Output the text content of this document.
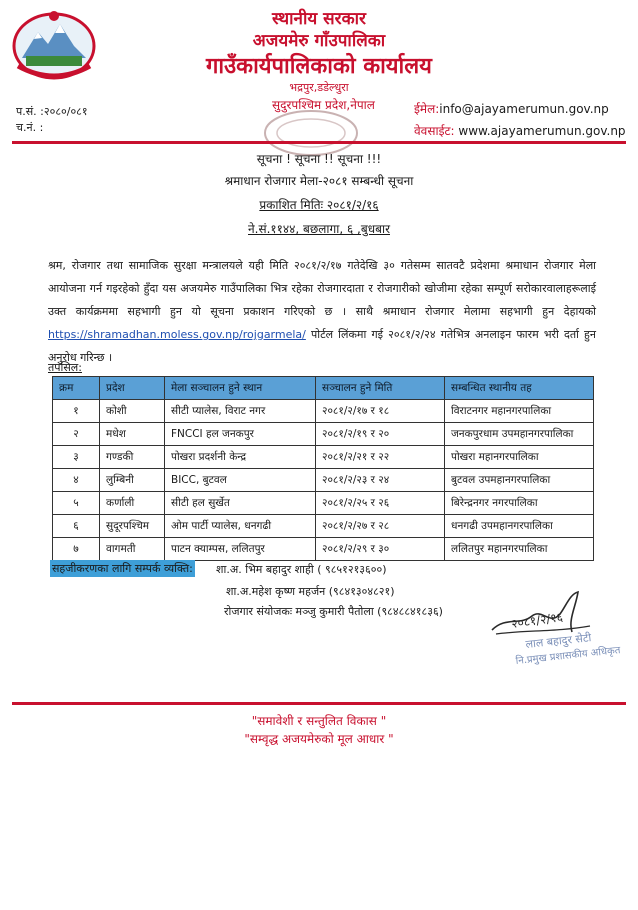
स्थानीय सरकार
अजयमेरु गाँउपालिका
गाउँकार्यपालिकाको कार्यालय
भद्रपुर,डडेल्धुरा
सुदुरपश्चिम प्रदेश,नेपाल
प.सं. :२०८०/०८१
च.नं. :
ईमेल:info@ajayamerumun.gov.np
वेवसाईट: www.ajayamerumun.gov.np
सूचना ! सूचना !! सूचना !!!
श्रमाधान रोजगार मेला-२०८१ सम्बन्धी सूचना
प्रकाशित मितिः २०८१/२/१६
ने.सं.११४४, बछलागा, ६ ,बुधबार
श्रम, रोजगार तथा सामाजिक सुरक्षा मन्त्रालयले यही मिति २०८१/२/१७ गतेदेखि ३० गतेसम्म सातवटै प्रदेशमा श्रमाधान रोजगार मेला आयोजना गर्न गइरहेको हुँदा यस अजयमेरु गाउँपालिका भित्र रहेका रोजगारदाता र रोजगारीको खोजीमा रहेका सम्पूर्ण सरोकारवालाहरूलाई उक्त कार्यक्रममा सहभागी हुन यो सूचना प्रकाशन गरिएको छ । साथै श्रमाधान रोजगार मेलामा सहभागी हुन देहायको https://shramadhan.moless.gov.np/rojgarmela/ पोर्टल लिंकमा गई २०८१/२/२४ गतेभित्र अनलाइन फारम भरी दर्ता हुन अनुरोध गरिन्छ ।
तपसिल:
क्रम	प्रदेश	मेला सञ्चालन हुने स्थान	सञ्चालन हुने मिति	सम्बन्धित स्थानीय तह
१	कोशी	सीटी प्यालेस, विराट नगर	२०८१/२/१७ र १८	विराटनगर महानगरपालिका
२	मधेश	FNCCI हल जनकपुर	२०८१/२/१९ र २०	जनकपुरधाम उपमहानगरपालिका
३	गण्डकी	पोखरा प्रदर्शनी केन्द्र	२०८१/२/२१ र २२	पोखरा महानगरपालिका
४	लुम्बिनी	BICC, बुटवल	२०८१/२/२३ र २४	बुटवल उपमहानगरपालिका
५	कर्णाली	सीटी हल सुर्खेत	२०८१/२/२५ र २६	बिरेन्द्रनगर नगरपालिका
६	सुदूरपश्चिम	ओम पार्टी प्यालेस, धनगढी	२०८१/२/२७ र २८	धनगढी उपमहानगरपालिका
७	वागमती	पाटन क्याम्पस, ललितपुर	२०८१/२/२९ र ३०	ललितपुर महानगरपालिका
सहजीकरणका लागि सम्पर्क व्यक्ति: शा.अ. भिम बहादुर शाही ( ९८५१२१३६००)
शा.अ.महेश कृष्ण महर्जन (९८४१३०४८२१)
रोजगार संयोजकः मञ्जु कुमारी पैतोला (९८४८८४१८३६)	२०८१/२/१६
लाल बहादुर सेटी
नि.प्रमुख प्रशासकीय अधिकृत
"समावेशी र सन्तुलित विकास "
"सम्वृद्ध अजयमेरुको मूल आधार "
